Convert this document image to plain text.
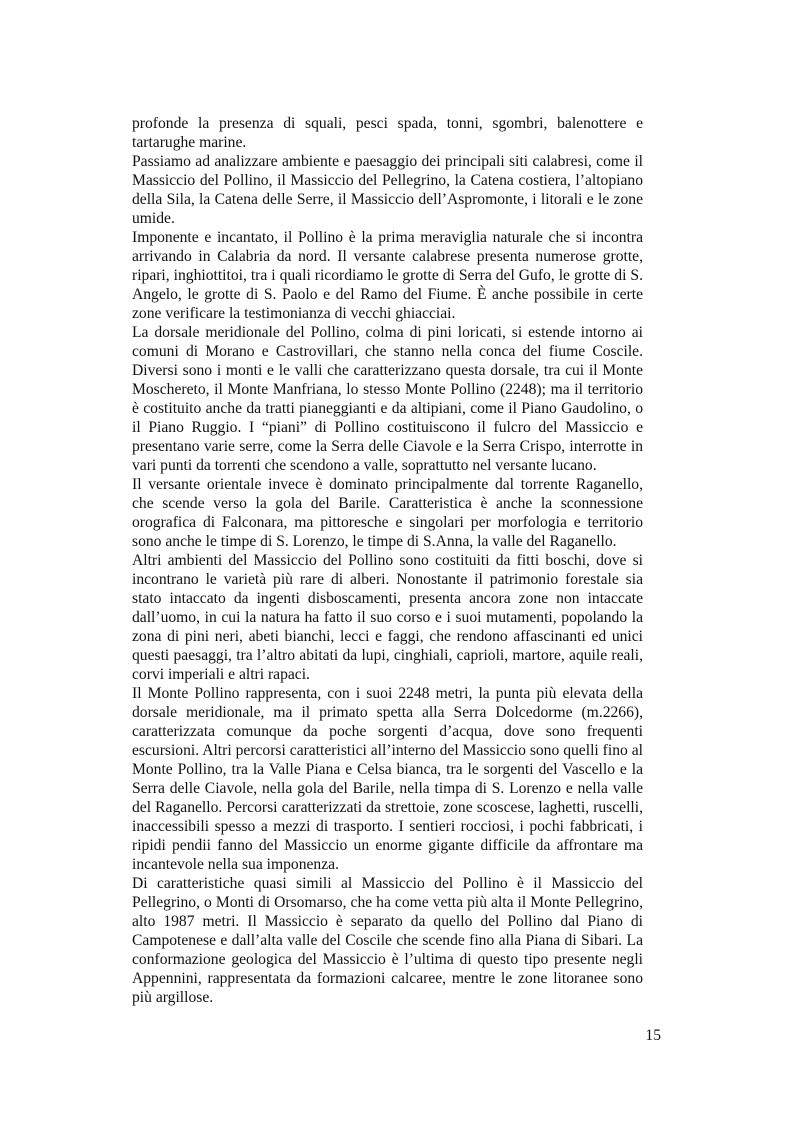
profonde la presenza di squali, pesci spada, tonni, sgombri, balenottere e tartarughe marine.

Passiamo ad analizzare ambiente e paesaggio dei principali siti calabresi, come il Massiccio del Pollino, il Massiccio del Pellegrino, la Catena costiera, l’altopiano della Sila, la Catena delle Serre, il Massiccio dell’Aspromonte, i litorali e le zone umide.

Imponente e incantato, il Pollino è la prima meraviglia naturale che si incontra arrivando in Calabria da nord. Il versante calabrese presenta numerose grotte, ripari, inghiottitoi, tra i quali ricordiamo le grotte di Serra del Gufo, le grotte di S. Angelo, le grotte di S. Paolo e del Ramo del Fiume. È anche possibile in certe zone verificare la testimonianza di vecchi ghiacciai.

La dorsale meridionale del Pollino, colma di pini loricati, si estende intorno ai comuni di Morano e Castrovillari, che stanno nella conca del fiume Coscile. Diversi sono i monti e le valli che caratterizzano questa dorsale, tra cui il Monte Moschereto, il Monte Manfriana, lo stesso Monte Pollino (2248); ma il territorio è costituito anche da tratti pianeggianti e da altipiani, come il Piano Gaudolino, o il Piano Ruggio. I “piani” di Pollino costituiscono il fulcro del Massiccio e presentano varie serre, come la Serra delle Ciavole e la Serra Crispo, interrotte in vari punti da torrenti che scendono a valle, soprattutto nel versante lucano.

Il versante orientale invece è dominato principalmente dal torrente Raganello, che scende verso la gola del Barile. Caratteristica è anche la sconnessione orografica di Falconara, ma pittoresche e singolari per morfologia e territorio sono anche le timpe di S. Lorenzo, le timpe di S.Anna, la valle del Raganello.

Altri ambienti del Massiccio del Pollino sono costituiti da fitti boschi, dove si incontrano le varietà più rare di alberi. Nonostante il patrimonio forestale sia stato intaccato da ingenti disboscamenti, presenta ancora zone non intaccate dall’uomo, in cui la natura ha fatto il suo corso e i suoi mutamenti, popolando la zona di pini neri, abeti bianchi, lecci e faggi, che rendono affascinanti ed unici questi paesaggi, tra l’altro abitati da lupi, cinghiali, caprioli, martore, aquile reali, corvi imperiali e altri rapaci.

Il Monte Pollino rappresenta, con i suoi 2248 metri, la punta più elevata della dorsale meridionale, ma il primato spetta alla Serra Dolcedorme (m.2266), caratterizzata comunque da poche sorgenti d’acqua, dove sono frequenti escursioni. Altri percorsi caratteristici all’interno del Massiccio sono quelli fino al Monte Pollino, tra la Valle Piana e Celsa bianca, tra le sorgenti del Vascello e la Serra delle Ciavole, nella gola del Barile, nella timpa di S. Lorenzo e nella valle del Raganello. Percorsi caratterizzati da strettoie, zone scoscese, laghetti, ruscelli, inaccessibili spesso a mezzi di trasporto. I sentieri rocciosi, i pochi fabbricati, i ripidi pendii fanno del Massiccio un enorme gigante difficile da affrontare ma incantevole nella sua imponenza.

Di caratteristiche quasi simili al Massiccio del Pollino è il Massiccio del Pellegrino, o Monti di Orsomarso, che ha come vetta più alta il Monte Pellegrino, alto 1987 metri. Il Massiccio è separato da quello del Pollino dal Piano di Campotenese e dall’alta valle del Coscile che scende fino alla Piana di Sibari. La conformazione geologica del Massiccio è l’ultima di questo tipo presente negli Appennini, rappresentata da formazioni calcaree, mentre le zone litoranee sono più argillose.

15
